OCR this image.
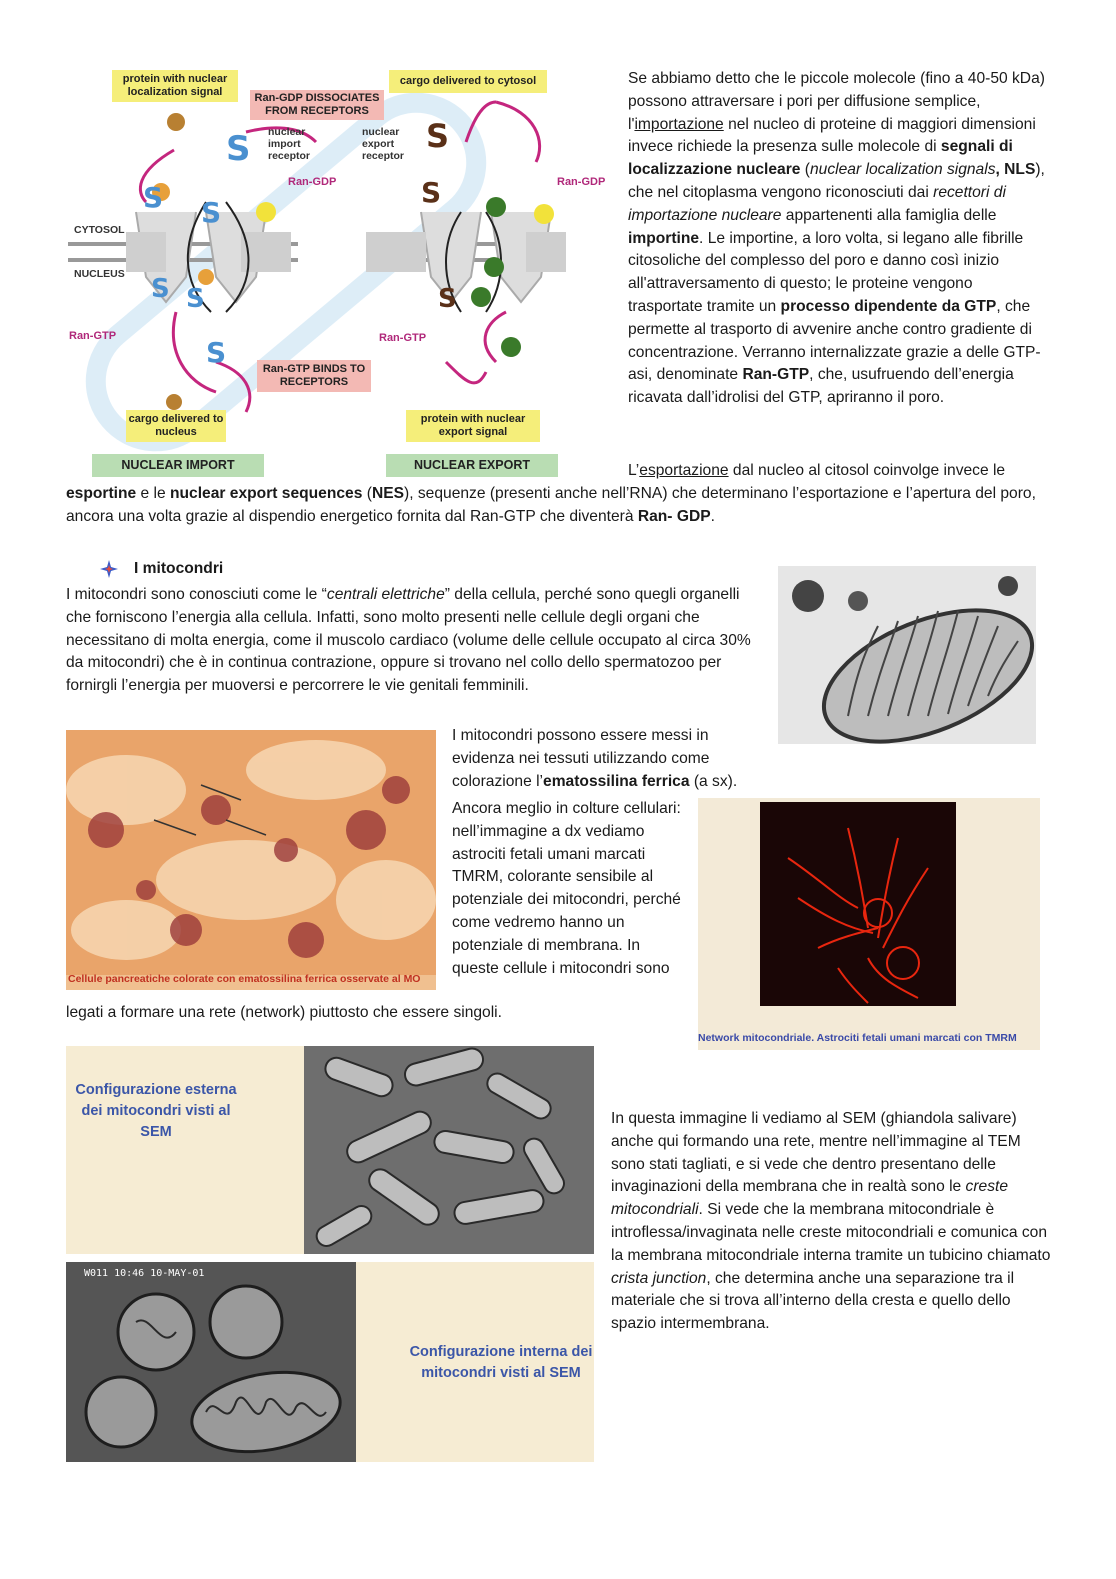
S
S S
S S
S
S
S
S
protein with nuclear localization signal	Ran-GDP DISSOCIATES FROM RECEPTORS
cargo delivered to cytosol
nuclear import receptor
nuclear export receptor
Ran-GDP	Ran-GDP
CYTOSOL
NUCLEUS
Ran-GTP	Ran-GTP
Ran-GTP BINDS TO RECEPTORS
cargo delivered to nucleus
protein with nuclear export signal
NUCLEAR IMPORT	NUCLEAR EXPORT
Se abbiamo detto che le piccole molecole (fino a 40-50 kDa) possono attraversare i pori per diffusione semplice, l'importazione nel nucleo di proteine di maggiori dimensioni invece richiede la presenza sulle molecole di segnali di localizzazione nucleare (nuclear localization signals, NLS), che nel citoplasma vengono riconosciuti dai recettori di importazione nucleare appartenenti alla famiglia delle importine. Le importine, a loro volta, si legano alle fibrille citosoliche del complesso del poro e danno così inizio all'attraversamento di questo; le proteine vengono trasportate tramite un processo dipendente da GTP, che permette al trasporto di avvenire anche contro gradiente di concentrazione. Verranno internalizzate grazie a delle GTP-asi, denominate Ran-GTP, che, usufruendo dell’energia ricavata dall’idrolisi del GTP, apriranno il poro.
L’esportazione dal nucleo al citosol coinvolge invece le esportine e le nuclear export sequences (NES), sequenze (presenti anche nell’RNA) che determinano l’esportazione e l’apertura del poro, ancora una volta grazie al dispendio energetico fornita dal Ran-GTP che diventerà Ran- GDP.
I mitocondri
I mitocondri sono conosciuti come le “centrali elettriche” della cellula, perché sono quegli organelli che forniscono l’energia alla cellula. Infatti, sono molto presenti nelle cellule degli organi che necessitano di molta energia, come il muscolo cardiaco (volume delle cellule occupato al circa 30% da mitocondri) che è in continua contrazione, oppure si trovano nel collo dello spermatozoo per fornirgli l’energia per muoversi e percorrere le vie genitali femminili.
Cellule pancreatiche colorate con ematossilina ferrica osservate al MO
I mitocondri possono essere messi in evidenza nei tessuti utilizzando come colorazione l’ematossilina ferrica (a sx).
Ancora meglio in colture cellulari: nell’immagine a dx vediamo astrociti fetali umani marcati TMRM, colorante sensibile al potenziale dei mitocondri, perché come vedremo hanno un potenziale di membrana. In queste cellule i mitocondri sono
legati a formare una rete (network) piuttosto che essere singoli.
Network mitocondriale. Astrociti fetali umani marcati con TMRM
Configurazione esterna dei mitocondri visti al SEM
W011 10:46 10-MAY-01
Configurazione interna dei mitocondri visti al SEM
In questa immagine li vediamo al SEM (ghiandola salivare) anche qui formando una rete, mentre nell’immagine al TEM sono stati tagliati, e si vede che dentro presentano delle invaginazioni della membrana che in realtà sono le creste mitocondriali. Si vede che la membrana mitocondriale è introflessa/invaginata nelle creste mitocondriali e comunica con la membrana mitocondriale interna tramite un tubicino chiamato crista junction, che determina anche una separazione tra il materiale che si trova all’interno della cresta e quello dello spazio intermembrana.
